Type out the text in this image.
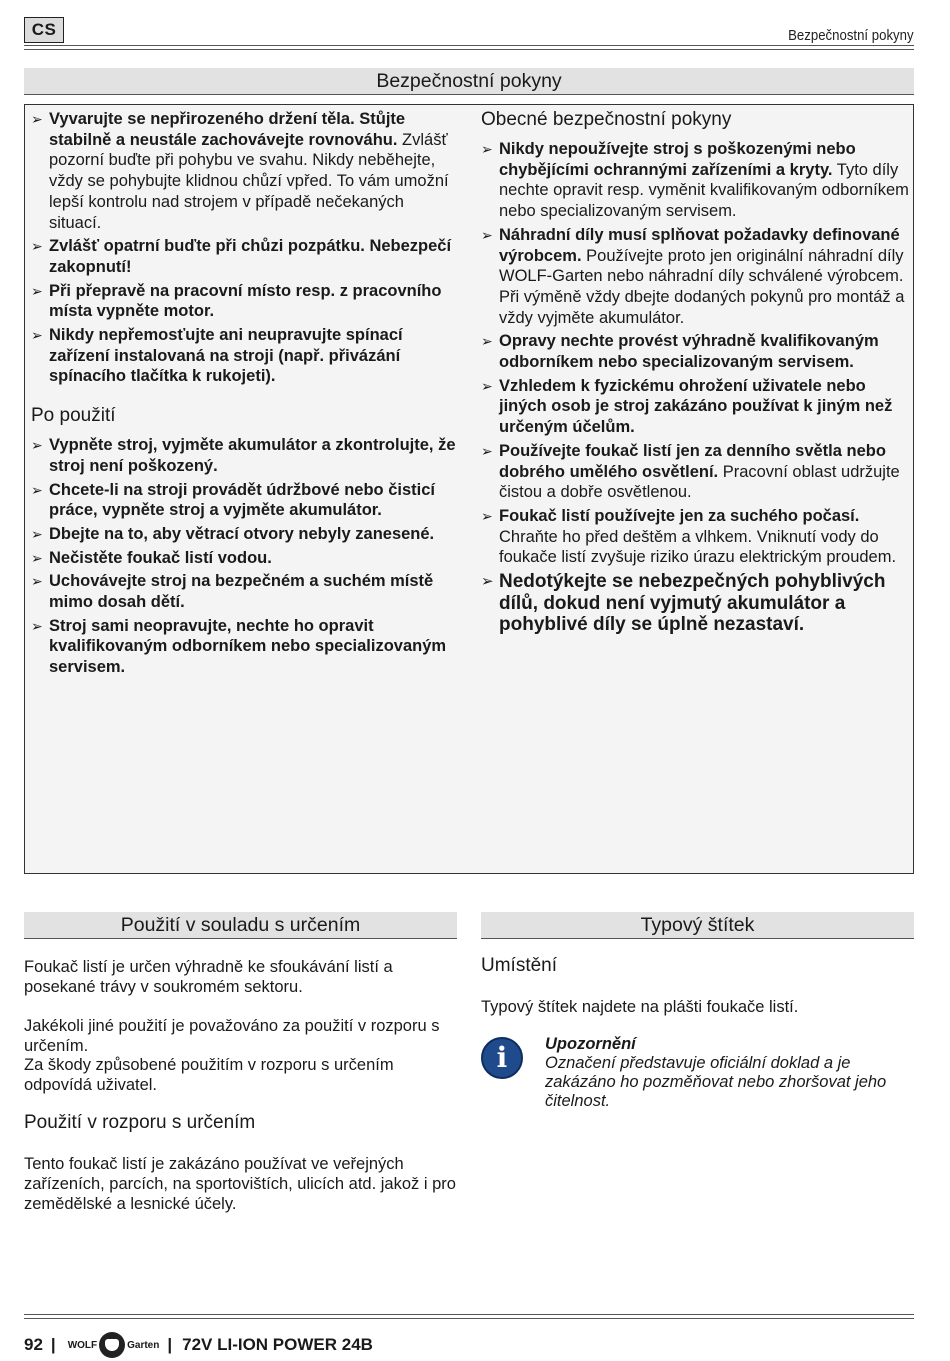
CS	Bezpečnostní pokyny
Bezpečnostní pokyny
➢ Vyvarujte se nepřirozeného držení těla. Stůjte stabilně a neustále zachovávejte rovnováhu. Zvlášť pozorní buďte při pohybu ve svahu. Nikdy neběhejte, vždy se pohybujte klidnou chůzí vpřed. To vám umožní lepší kontrolu nad strojem v případě nečekaných situací.
➢ Zvlášť opatrní buďte při chůzi pozpátku. Nebezpečí zakopnutí!
➢ Při přepravě na pracovní místo resp. z pracovního místa vypněte motor.
➢ Nikdy nepřemosťujte ani neupravujte spínací zařízení instalovaná na stroji (např. přivázání spínacího tlačítka k rukojeti).
Po použití
➢ Vypněte stroj, vyjměte akumulátor a zkontrolujte, že stroj není poškozený.
➢ Chcete-li na stroji provádět údržbové nebo čisticí práce, vypněte stroj a vyjměte akumulátor.
➢ Dbejte na to, aby větrací otvory nebyly zanesené.
➢ Nečistěte foukač listí vodou.
➢ Uchovávejte stroj na bezpečném a suchém místě mimo dosah dětí.
➢ Stroj sami neopravujte, nechte ho opravit kvalifikovaným odborníkem nebo specializovaným servisem.
Obecné bezpečnostní pokyny
➢ Nikdy nepoužívejte stroj s poškozenými nebo chybějícími ochrannými zařízeními a kryty. Tyto díly nechte opravit resp. vyměnit kvalifikovaným odborníkem nebo specializovaným servisem.
➢ Náhradní díly musí splňovat požadavky definované výrobcem. Používejte proto jen originální náhradní díly WOLF-Garten nebo náhradní díly schválené výrobcem. Při výměně vždy dbejte dodaných pokynů pro montáž a vždy vyjměte akumulátor.
➢ Opravy nechte provést výhradně kvalifikovaným odborníkem nebo specializovaným servisem.
➢ Vzhledem k fyzickému ohrožení uživatele nebo jiných osob je stroj zakázáno používat k jiným než určeným účelům.
➢ Používejte foukač listí jen za denního světla nebo dobrého umělého osvětlení. Pracovní oblast udržujte čistou a dobře osvětlenou.
➢ Foukač listí používejte jen za suchého počasí. Chraňte ho před deštěm a vlhkem. Vniknutí vody do foukače listí zvyšuje riziko úrazu elektrickým proudem.
➢ Nedotýkejte se nebezpečných pohyblivých dílů, dokud není vyjmutý akumulátor a pohyblivé díly se úplně nezastaví.
Použití v souladu s určením
Foukač listí je určen výhradně ke sfoukávání listí a posekané trávy v soukromém sektoru.
Jakékoli jiné použití je považováno za použití v rozporu s určením.
Za škody způsobené použitím v rozporu s určením odpovídá uživatel.
Použití v rozporu s určením
Tento foukač listí je zakázáno používat ve veřejných zařízeních, parcích, na sportovištích, ulicích atd. jakož i pro zemědělské a lesnické účely.
Typový štítek
Umístění
Typový štítek najdete na plášti foukače listí.
i	Upozornění
Označení představuje oficiální doklad a je zakázáno ho pozměňovat nebo zhoršovat jeho čitelnost.
92 | WOLF	Garten | 72V LI-ION POWER 24B
